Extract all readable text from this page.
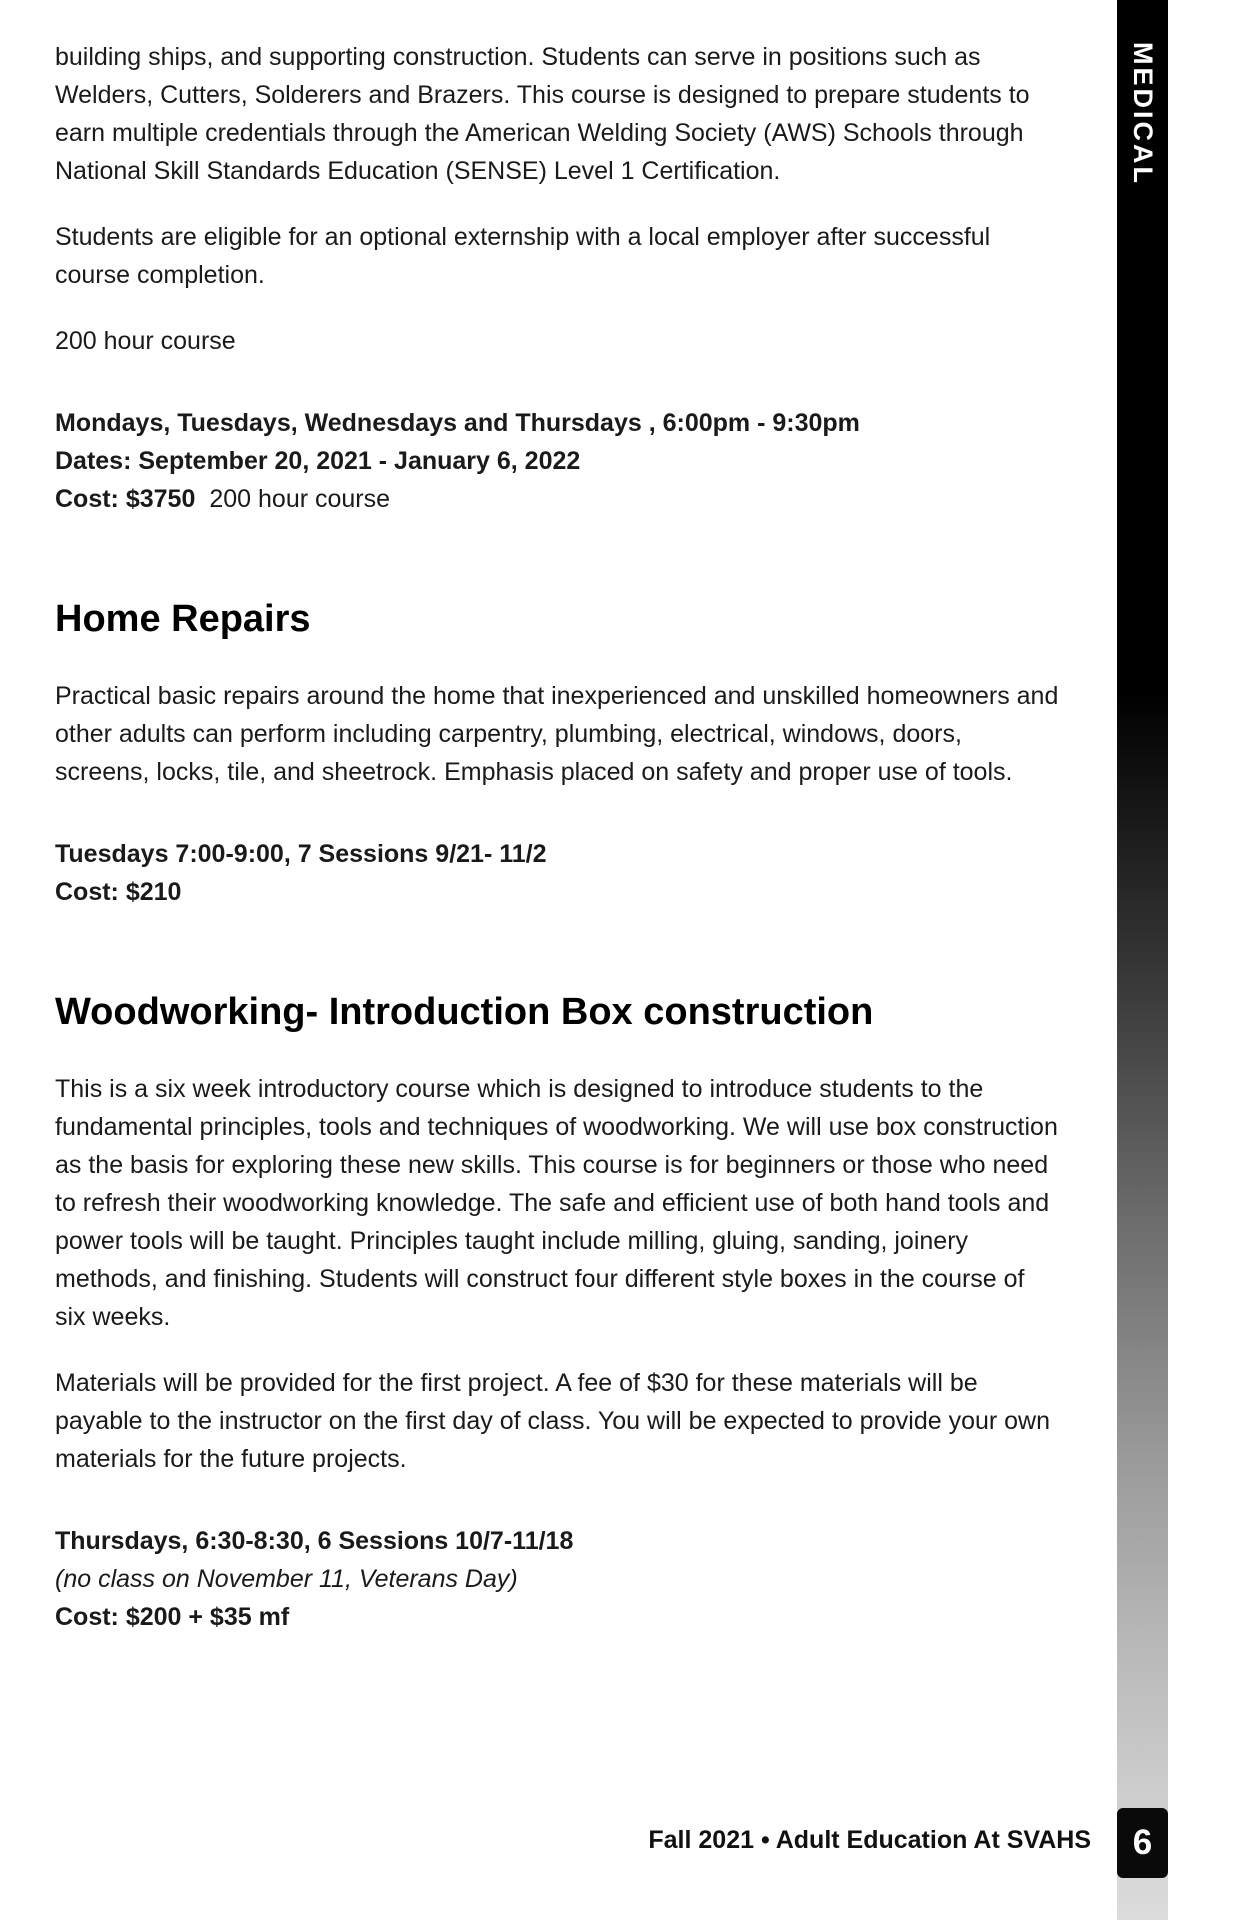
building ships, and supporting construction. Students can serve in positions such as Welders, Cutters, Solderers and Brazers. This course is designed to prepare students to earn multiple credentials through the American Welding Society (AWS) Schools through National Skill Standards Education (SENSE) Level 1 Certification.

Students are eligible for an optional externship with a local employer after successful course completion.

200 hour course

Mondays, Tuesdays, Wednesdays and Thursdays , 6:00pm - 9:30pm
Dates: September 20, 2021 - January 6, 2022
Cost: $3750 200 hour course
Home Repairs

Practical basic repairs around the home that inexperienced and unskilled homeowners and other adults can perform including carpentry, plumbing, electrical, windows, doors, screens, locks, tile, and sheetrock. Emphasis placed on safety and proper use of tools.

Tuesdays 7:00-9:00, 7 Sessions 9/21- 11/2
Cost: $210
Woodworking- Introduction Box construction

This is a six week introductory course which is designed to introduce students to the fundamental principles, tools and techniques of woodworking. We will use box construction as the basis for exploring these new skills. This course is for beginners or those who need to refresh their woodworking knowledge. The safe and efficient use of both hand tools and power tools will be taught. Principles taught include milling, gluing, sanding, joinery methods, and finishing. Students will construct four different style boxes in the course of six weeks.

Materials will be provided for the first project. A fee of $30 for these materials will be payable to the instructor on the first day of class. You will be expected to provide your own materials for the future projects.

Thursdays, 6:30-8:30, 6 Sessions 10/7-11/18
(no class on November 11, Veterans Day)
Cost: $200 + $35 mf
MEDICAL
6
Fall 2021 • Adult Education At SVAHS
